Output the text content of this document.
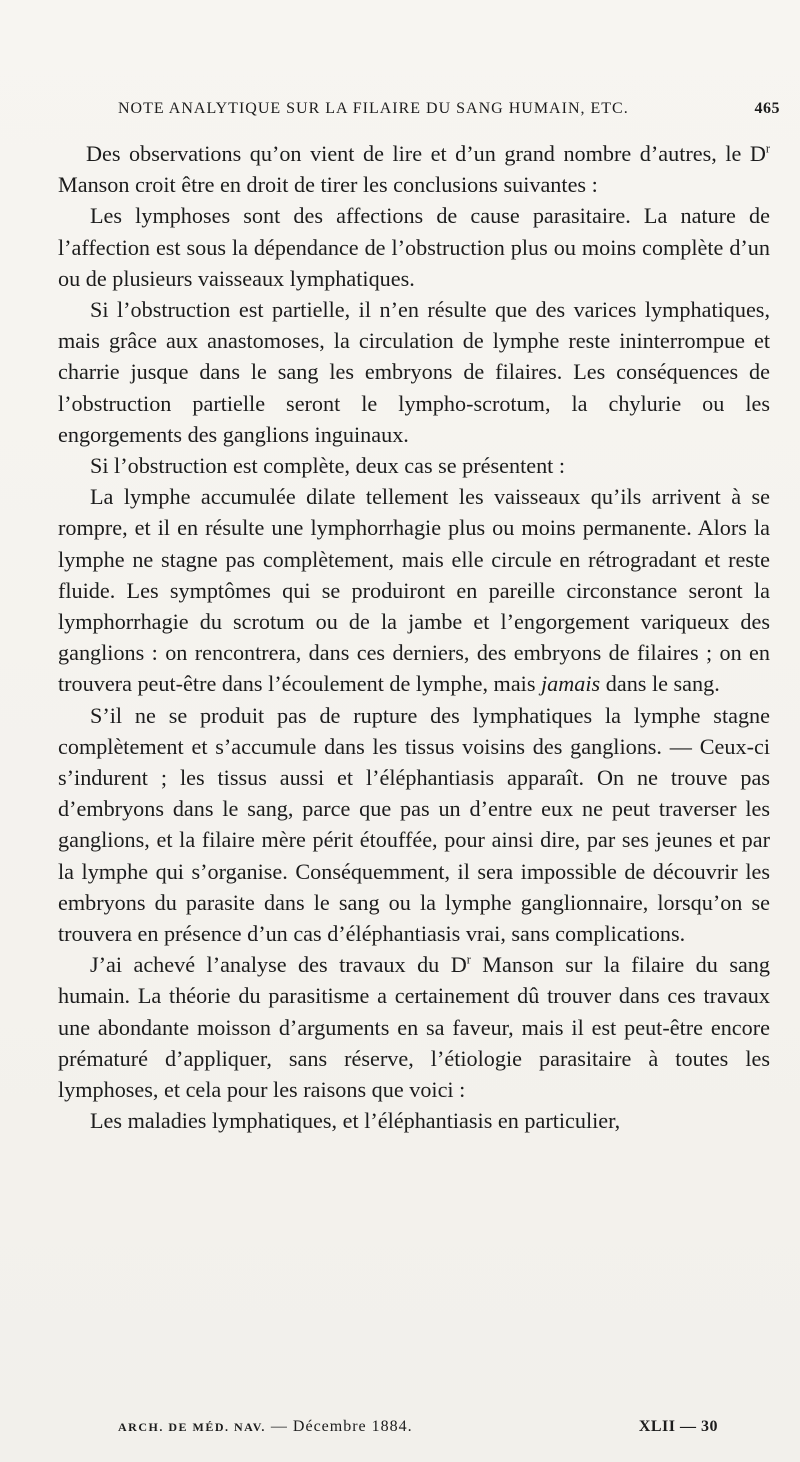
NOTE ANALYTIQUE SUR LA FILAIRE DU SANG HUMAIN, ETC.	465

Des observations qu’on vient de lire et d’un grand nombre d’autres, le $D^r$ Manson croit être en droit de tirer les conclusions suivantes :

Les lymphoses sont des affections de cause parasitaire. La nature de l’affection est sous la dépendance de l’obstruction plus ou moins complète d’un ou de plusieurs vaisseaux lymphatiques.

Si l’obstruction est partielle, il n’en résulte que des varices lymphatiques, mais grâce aux anastomoses, la circulation de lymphe reste ininterrompue et charrie jusque dans le sang les embryons de filaires. Les conséquences de l’obstruction partielle seront le lympho-scrotum, la chylurie ou les engorgements des ganglions inguinaux.

Si l’obstruction est complète, deux cas se présentent :

La lymphe accumulée dilate tellement les vaisseaux qu’ils arrivent à se rompre, et il en résulte une lymphorrhagie plus ou moins permanente. Alors la lymphe ne stagne pas complètement, mais elle circule en rétrogradant et reste fluide. Les symptômes qui se produiront en pareille circonstance seront la lymphorrhagie du scrotum ou de la jambe et l’engorgement variqueux des ganglions : on rencontrera, dans ces derniers, des embryons de filaires ; on en trouvera peut-être dans l’écoulement de lymphe, mais jamais dans le sang.

S’il ne se produit pas de rupture des lymphatiques la lymphe stagne complètement et s’accumule dans les tissus voisins des ganglions. — Ceux-ci s’indurent ; les tissus aussi et l’éléphantiasis apparaît. On ne trouve pas d’embryons dans le sang, parce que pas un d’entre eux ne peut traverser les ganglions, et la filaire mère périt étouffée, pour ainsi dire, par ses jeunes et par la lymphe qui s’organise. Conséquemment, il sera impossible de découvrir les embryons du parasite dans le sang ou la lymphe ganglionnaire, lorsqu’on se trouvera en présence d’un cas d’éléphantiasis vrai, sans complications.

J’ai achevé l’analyse des travaux du $D^r$ Manson sur la filaire du sang humain. La théorie du parasitisme a certainement dû trouver dans ces travaux une abondante moisson d’arguments en sa faveur, mais il est peut-être encore prématuré d’appliquer, sans réserve, l’étiologie parasitaire à toutes les lymphoses, et cela pour les raisons que voici :

Les maladies lymphatiques, et l’éléphantiasis en particulier,

ARCH. DE MÉD. NAV. — Décembre 1884.	XLII — 30
